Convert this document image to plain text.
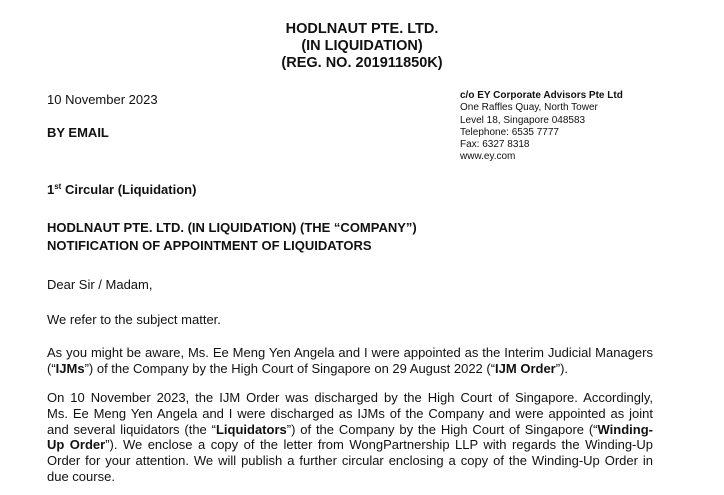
HODLNAUT PTE. LTD.
(IN LIQUIDATION)
(REG. NO. 201911850K)
10 November 2023
BY EMAIL
c/o EY Corporate Advisors Pte Ltd
One Raffles Quay, North Tower
Level 18, Singapore 048583
Telephone: 6535 7777
Fax: 6327 8318
www.ey.com
1st Circular (Liquidation)
HODLNAUT PTE. LTD. (IN LIQUIDATION) (THE “COMPANY”)
NOTIFICATION OF APPOINTMENT OF LIQUIDATORS
Dear Sir / Madam,
We refer to the subject matter.
As you might be aware, Ms. Ee Meng Yen Angela and I were appointed as the Interim Judicial Managers
(“IJMs”) of the Company by the High Court of Singapore on 29 August 2022 (“IJM Order”).
On 10 November 2023, the IJM Order was discharged by the High Court of Singapore. Accordingly,
Ms. Ee Meng Yen Angela and I were discharged as IJMs of the Company and were appointed as joint
and several liquidators (the “Liquidators”) of the Company by the High Court of Singapore (“Winding-
Up Order”). We enclose a copy of the letter from WongPartnership LLP with regards the Winding-Up
Order for your attention. We will publish a further circular enclosing a copy of the Winding-Up Order in
due course.
